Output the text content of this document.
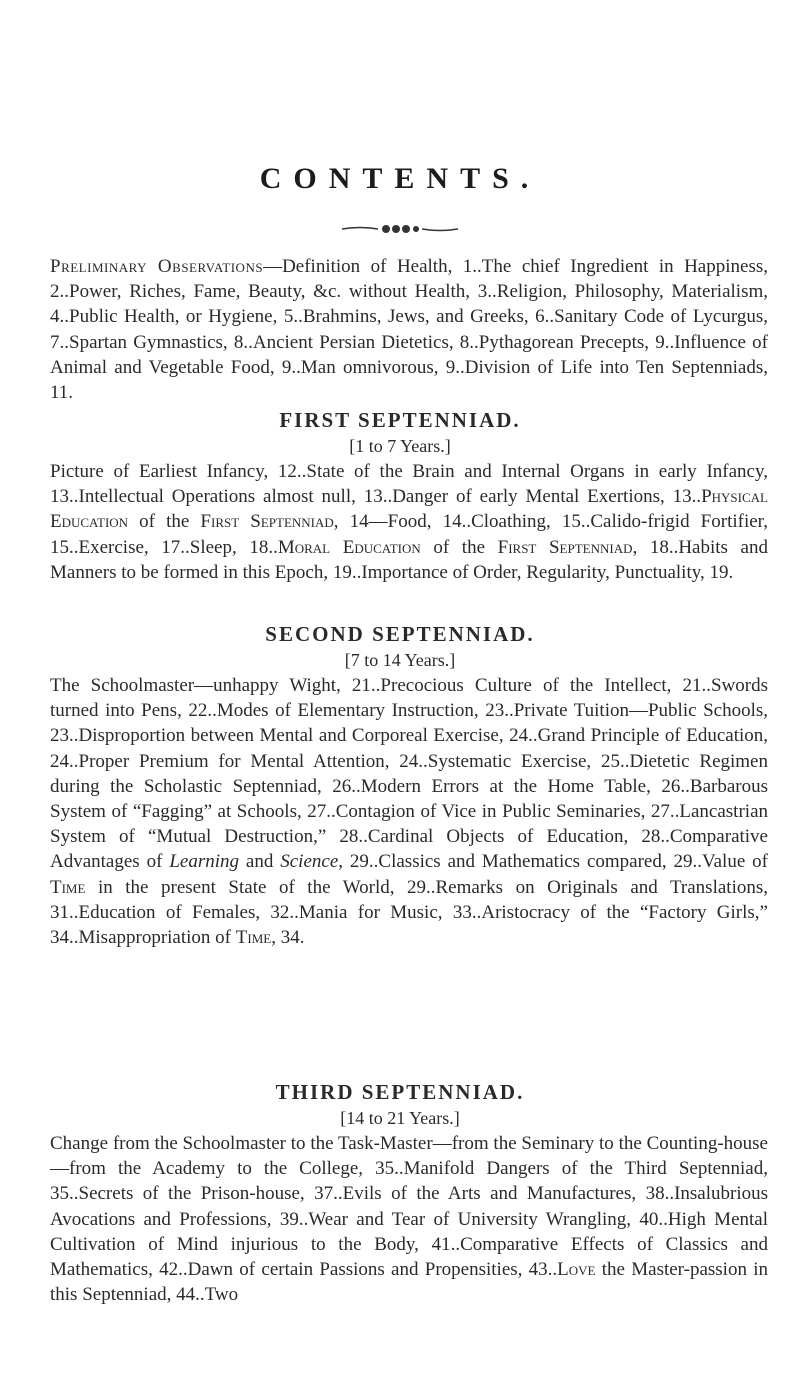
CONTENTS.
Preliminary Observations—Definition of Health, 1..The chief Ingredient in Happiness, 2..Power, Riches, Fame, Beauty, &c. without Health, 3..Religion, Philosophy, Materialism, 4..Public Health, or Hygiene, 5..Brahmins, Jews, and Greeks, 6..Sanitary Code of Lycurgus, 7..Spartan Gymnastics, 8..Ancient Persian Dietetics, 8..Pythagorean Precepts, 9..Influence of Animal and Vegetable Food, 9..Man omnivorous, 9..Division of Life into Ten Septenniads, 11.
FIRST SEPTENNIAD.
[1 to 7 Years.]
Picture of Earliest Infancy, 12..State of the Brain and Internal Organs in early Infancy, 13..Intellectual Operations almost null, 13..Danger of early Mental Exertions, 13..Physical Education of the First Septenniad, 14—Food, 14..Cloathing, 15..Calido-frigid Fortifier, 15..Exercise, 17..Sleep, 18..Moral Education of the First Septenniad, 18..Habits and Manners to be formed in this Epoch, 19..Importance of Order, Regularity, Punctuality, 19.
SECOND SEPTENNIAD.
[7 to 14 Years.]
The Schoolmaster—unhappy Wight, 21..Precocious Culture of the Intellect, 21..Swords turned into Pens, 22..Modes of Elementary Instruction, 23..Private Tuition—Public Schools, 23..Disproportion between Mental and Corporeal Exercise, 24..Grand Principle of Education, 24..Proper Premium for Mental Attention, 24..Systematic Exercise, 25..Dietetic Regimen during the Scholastic Septenniad, 26..Modern Errors at the Home Table, 26..Barbarous System of “Fagging” at Schools, 27..Contagion of Vice in Public Seminaries, 27..Lancastrian System of “Mutual Destruction,” 28..Cardinal Objects of Education, 28..Comparative Advantages of Learning and Science, 29..Classics and Mathematics compared, 29..Value of Time in the present State of the World, 29..Remarks on Originals and Translations, 31..Education of Females, 32..Mania for Music, 33..Aristocracy of the “Factory Girls,” 34..Misappropriation of Time, 34.
THIRD SEPTENNIAD.
[14 to 21 Years.]
Change from the Schoolmaster to the Task-Master—from the Seminary to the Counting-house—from the Academy to the College, 35..Manifold Dangers of the Third Septenniad, 35..Secrets of the Prison-house, 37..Evils of the Arts and Manufactures, 38..Insalubrious Avocations and Professions, 39..Wear and Tear of University Wrangling, 40..High Mental Cultivation of Mind injurious to the Body, 41..Comparative Effects of Classics and Mathematics, 42..Dawn of certain Passions and Propensities, 43..Love the Master-passion in this Septenniad, 44..Two
